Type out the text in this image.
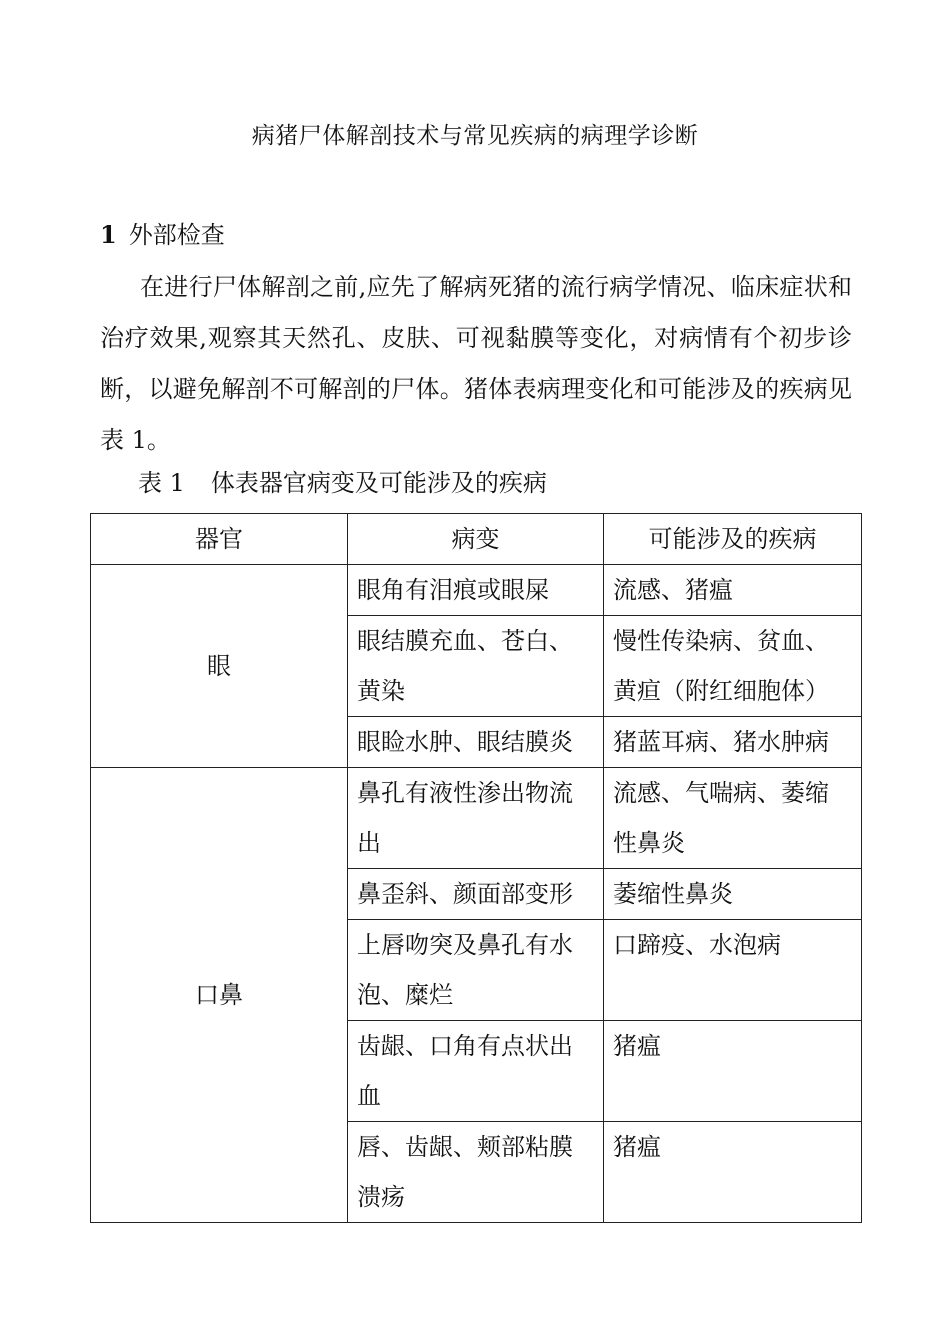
病猪尸体解剖技术与常见疾病的病理学诊断
1 外部检查

在进行尸体解剖之前,应先了解病死猪的流行病学情况、临床症状和治疗效果,观察其天然孔、皮肤、可视黏膜等变化，对病情有个初步诊断，以避免解剖不可解剖的尸体。猪体表病理变化和可能涉及的疾病见表 1。

表 1 体表器官病变及可能涉及的疾病
器官	病变	可能涉及的疾病
眼	眼角有泪痕或眼屎	流感、猪瘟
	眼结膜充血、苍白、黄染	慢性传染病、贫血、黄疸（附红细胞体）
	眼睑水肿、眼结膜炎	猪蓝耳病、猪水肿病
口鼻	鼻孔有液性渗出物流出	流感、气喘病、萎缩性鼻炎
	鼻歪斜、颜面部变形	萎缩性鼻炎
	上唇吻突及鼻孔有水泡、糜烂	口蹄疫、水泡病
	齿龈、口角有点状出血	猪瘟
	唇、齿龈、颊部粘膜溃疡	猪瘟
